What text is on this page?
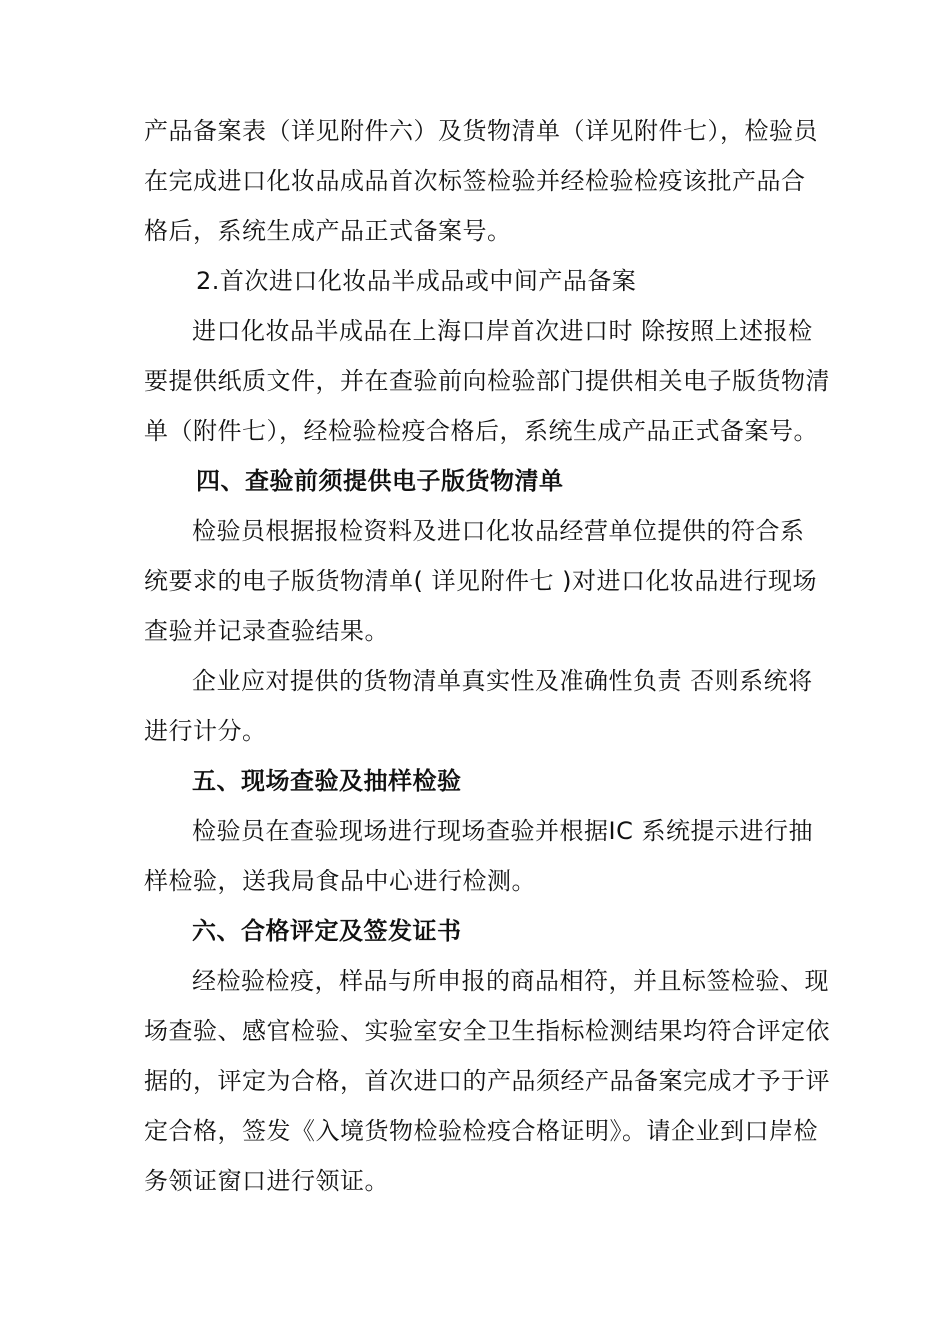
产品备案表（详见附件六）及货物清单（详见附件七），检验员
在完成进口化妆品成品首次标签检验并经检验检疫该批产品合
格后，系统生成产品正式备案号。
2.首次进口化妆品半成品或中间产品备案
进口化妆品半成品在上海口岸首次进口时 除按照上述报检
要提供纸质文件，并在查验前向检验部门提供相关电子版货物清
单（附件七），经检验检疫合格后，系统生成产品正式备案号。
四、查验前须提供电子版货物清单
检验员根据报检资料及进口化妆品经营单位提供的符合系
统要求的电子版货物清单( 详见附件七 )对进口化妆品进行现场
查验并记录查验结果。
企业应对提供的货物清单真实性及准确性负责 否则系统将
进行计分。
五、现场查验及抽样检验
检验员在查验现场进行现场查验并根据IC 系统提示进行抽
样检验，送我局食品中心进行检测。
六、合格评定及签发证书
经检验检疫，样品与所申报的商品相符，并且标签检验、现
场查验、感官检验、实验室安全卫生指标检测结果均符合评定依
据的，评定为合格，首次进口的产品须经产品备案完成才予于评
定合格，签发《入境货物检验检疫合格证明》。请企业到口岸检
务领证窗口进行领证。
